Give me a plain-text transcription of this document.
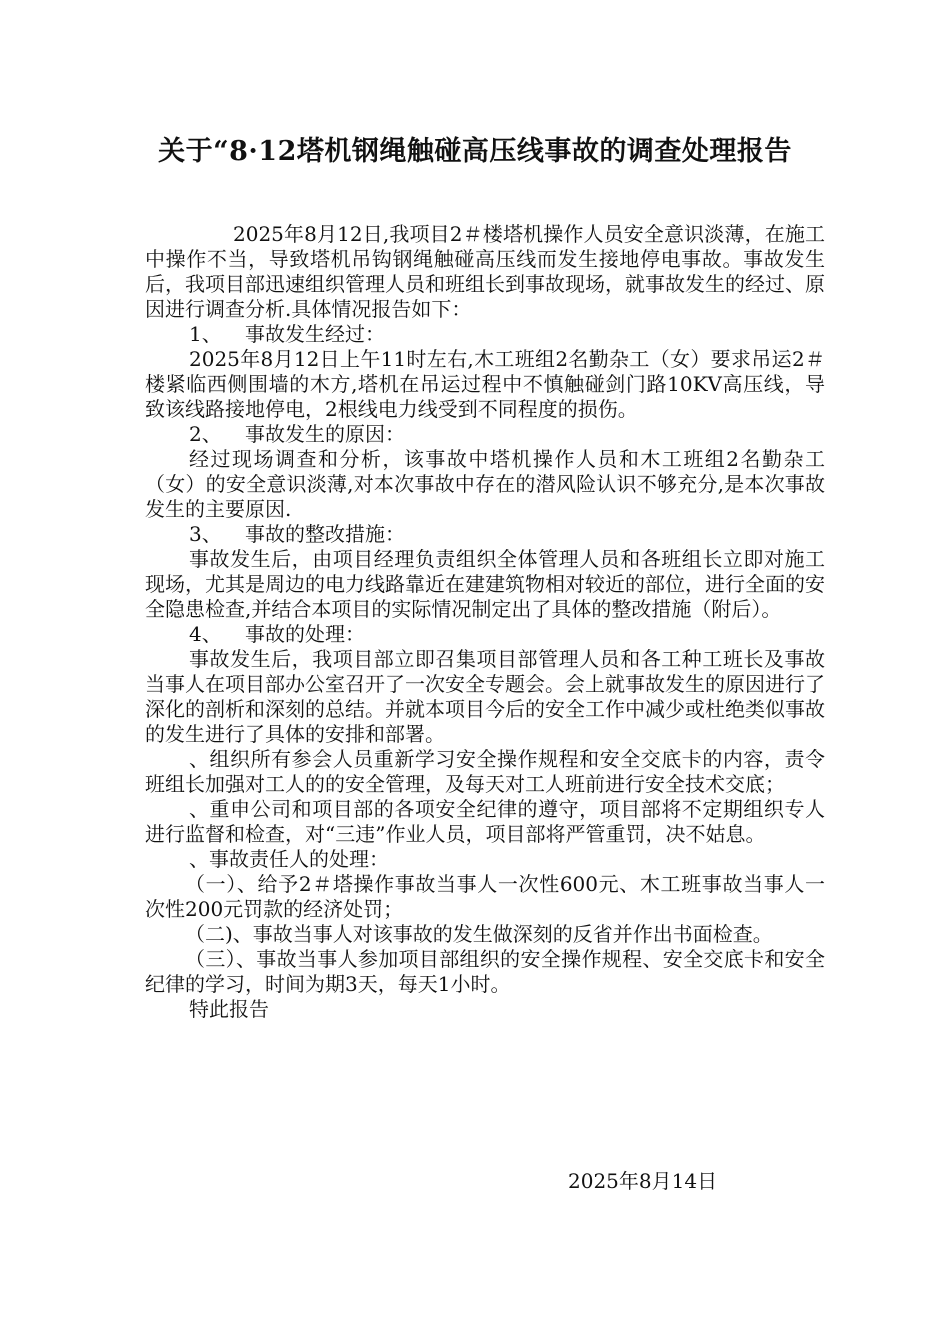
关于“8·12塔机钢绳触碰高压线事故的调查处理报告

2025年8月12日,我项目2＃楼塔机操作人员安全意识淡薄，在施工中操作不当，导致塔机吊钩钢绳触碰高压线而发生接地停电事故。事故发生后，我项目部迅速组织管理人员和班组长到事故现场，就事故发生的经过、原因进行调查分析.具体情况报告如下：

1、 事故发生经过：

2025年8月12日上午11时左右,木工班组2名勤杂工（女）要求吊运2＃楼紧临西侧围墙的木方,塔机在吊运过程中不慎触碰剑门路10KV高压线，导致该线路接地停电，2根线电力线受到不同程度的损伤。

2、 事故发生的原因：

经过现场调查和分析，该事故中塔机操作人员和木工班组2名勤杂工（女）的安全意识淡薄,对本次事故中存在的潜风险认识不够充分,是本次事故发生的主要原因.

3、 事故的整改措施：

事故发生后，由项目经理负责组织全体管理人员和各班组长立即对施工现场，尤其是周边的电力线路靠近在建建筑物相对较近的部位，进行全面的安全隐患检查,并结合本项目的实际情况制定出了具体的整改措施（附后）。

4、 事故的处理：

事故发生后，我项目部立即召集项目部管理人员和各工种工班长及事故当事人在项目部办公室召开了一次安全专题会。会上就事故发生的原因进行了深化的剖析和深刻的总结。并就本项目今后的安全工作中减少或杜绝类似事故的发生进行了具体的安排和部署。

、组织所有参会人员重新学习安全操作规程和安全交底卡的内容，责令班组长加强对工人的的安全管理，及每天对工人班前进行安全技术交底；

、重申公司和项目部的各项安全纪律的遵守，项目部将不定期组织专人进行监督和检查，对“三违”作业人员，项目部将严管重罚，决不姑息。

、事故责任人的处理：

（一）、给予2＃塔操作事故当事人一次性600元、木工班事故当事人一次性200元罚款的经济处罚；

（二)、事故当事人对该事故的发生做深刻的反省并作出书面检查。

（三）、事故当事人参加项目部组织的安全操作规程、安全交底卡和安全纪律的学习，时间为期3天，每天1小时。

特此报告

2025年8月14日
